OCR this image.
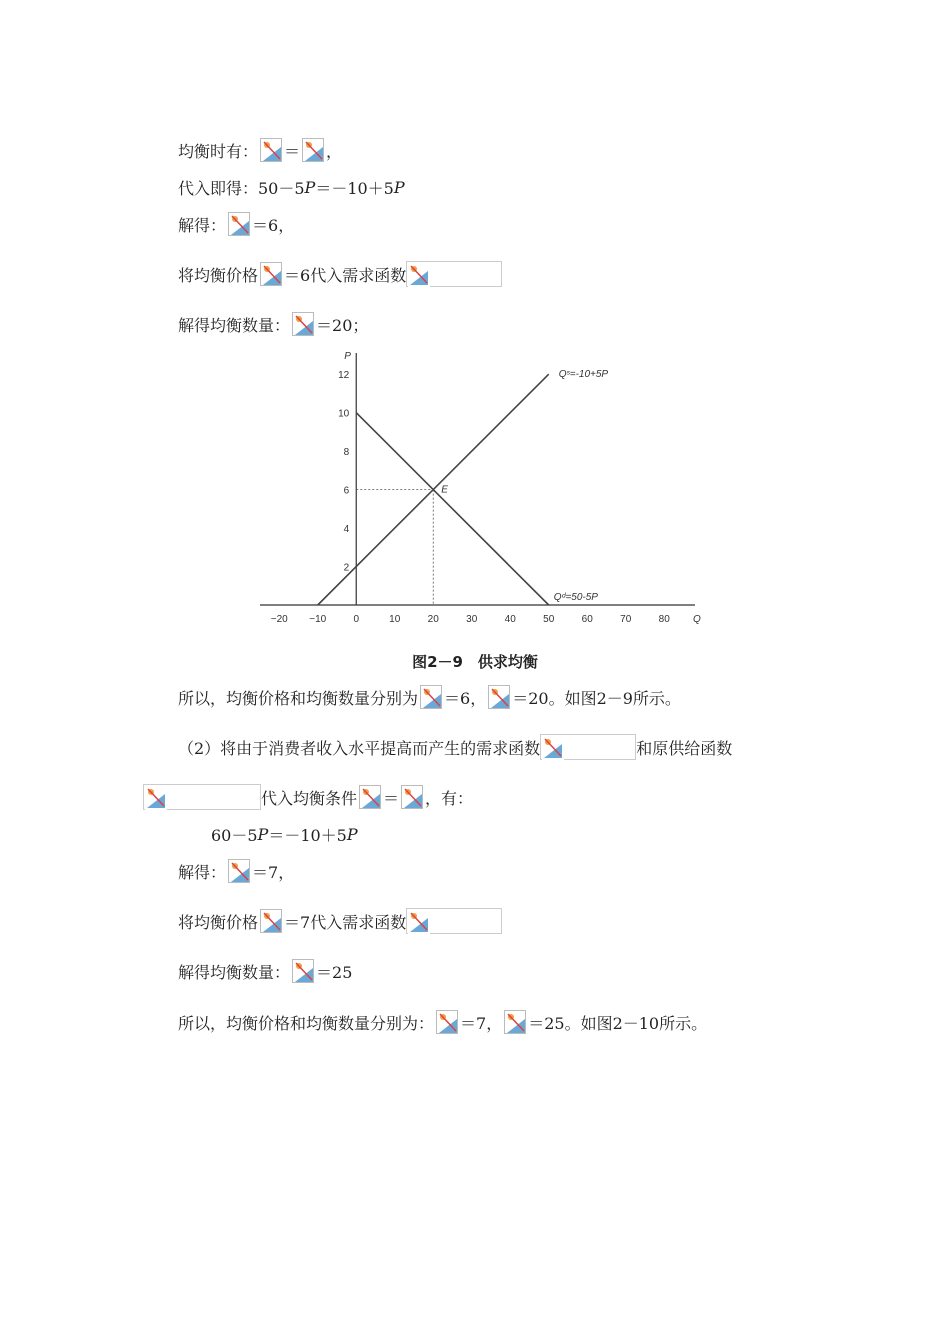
均衡时有： ＝ ，
代入即得：50－5 P ＝－10＋5 P
解得： ＝6，
将均衡价格 ＝6代入需求函数
解得均衡数量： ＝20；
P
Q
−20 −10	0	10	20	30	40	50	60	70	80
2
4
6
8
10
12
E
Qˢ=-10+5P
Qᵈ=50-5P
图2－9　供求均衡
所以，均衡价格和均衡数量分别为 ＝6， ＝20。如图2－9所示。
（2）将由于消费者收入水平提高而产生的需求函数	和原供给函数
代入均衡条件 ＝ ，有：
60－5 P ＝－10＋5 P
解得： ＝7，
将均衡价格 ＝7代入需求函数
解得均衡数量： ＝25
所以，均衡价格和均衡数量分别为： ＝7， ＝25。如图2－10所示。
